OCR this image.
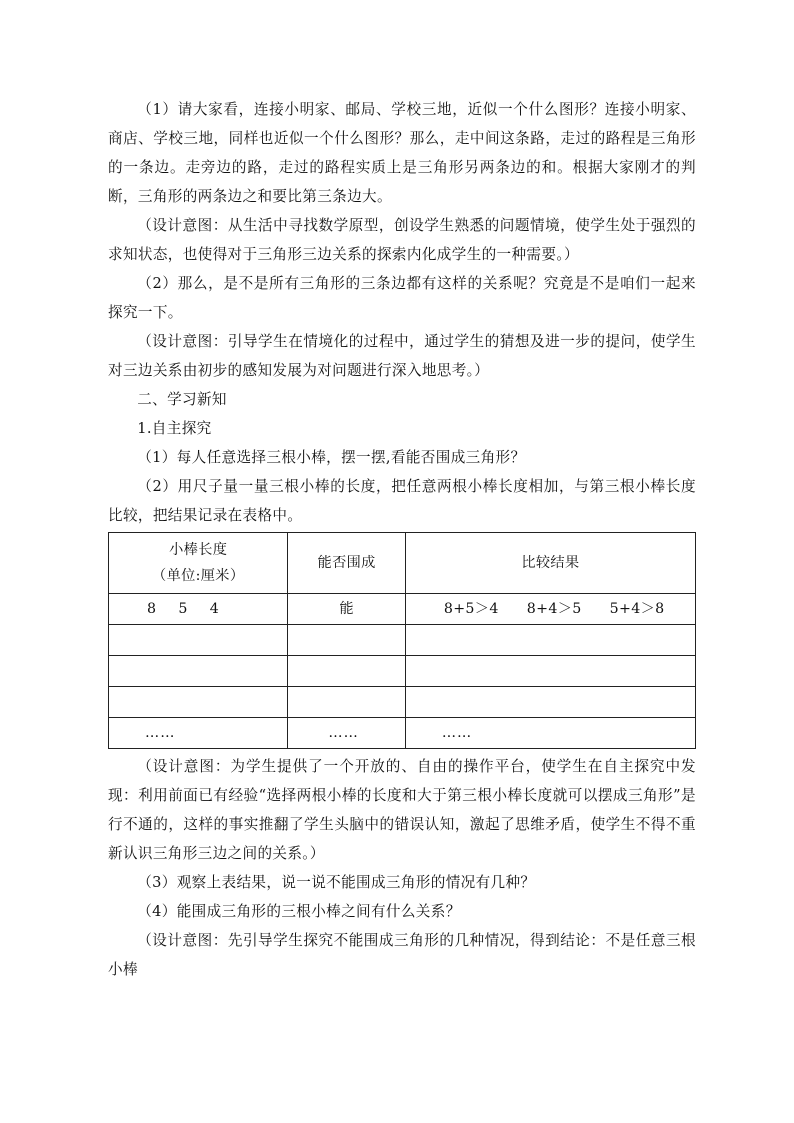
（1）请大家看，连接小明家、邮局、学校三地，近似一个什么图形？连接小明家、商店、学校三地，同样也近似一个什么图形？那么，走中间这条路，走过的路程是三角形的一条边。走旁边的路，走过的路程实质上是三角形另两条边的和。根据大家刚才的判断，三角形的两条边之和要比第三条边大。

（设计意图：从生活中寻找数学原型，创设学生熟悉的问题情境，使学生处于强烈的求知状态，也使得对于三角形三边关系的探索内化成学生的一种需要。）

（2）那么，是不是所有三角形的三条边都有这样的关系呢？究竟是不是咱们一起来探究一下。

（设计意图：引导学生在情境化的过程中，通过学生的猜想及进一步的提问，使学生对三边关系由初步的感知发展为对问题进行深入地思考。）

二、学习新知

1.自主探究

（1）每人任意选择三根小棒，摆一摆,看能否围成三角形？

（2）用尺子量一量三根小棒的长度，把任意两根小棒长度相加，与第三根小棒长度比较，把结果记录在表格中。

小棒长度
（单位:厘米）	能否围成	比较结果
8 5 4	能	8+5＞4 8+4＞5 5+4＞8

……	……	……

（设计意图：为学生提供了一个开放的、自由的操作平台，使学生在自主探究中发现：利用前面已有经验“选择两根小棒的长度和大于第三根小棒长度就可以摆成三角形”是行不通的，这样的事实推翻了学生头脑中的错误认知，激起了思维矛盾，使学生不得不重新认识三角形三边之间的关系。）

（3）观察上表结果，说一说不能围成三角形的情况有几种？

（4）能围成三角形的三根小棒之间有什么关系？

（设计意图：先引导学生探究不能围成三角形的几种情况，得到结论：不是任意三根小棒
